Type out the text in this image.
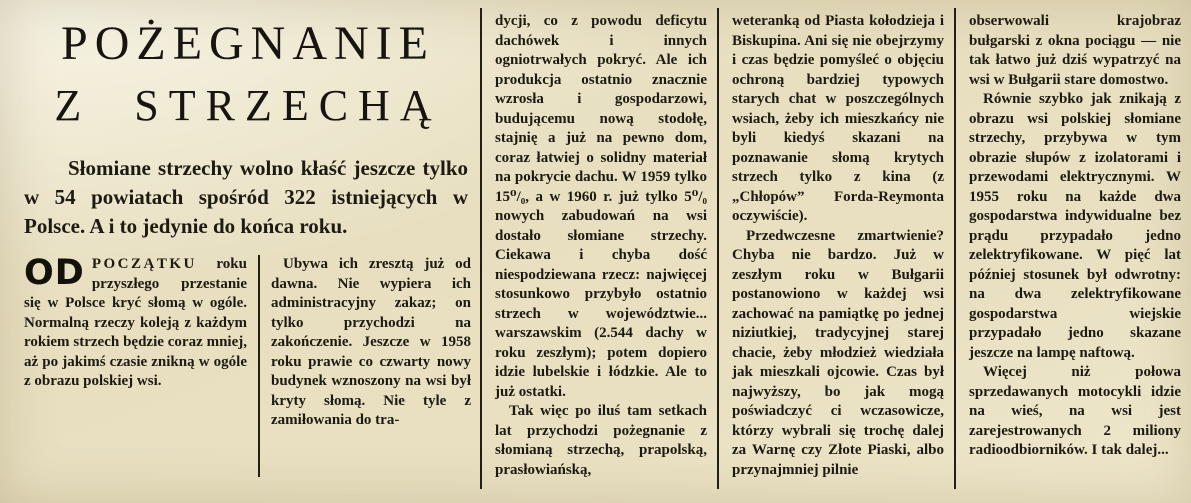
POŻEGNANIE
Z STRZECHĄ

Słomiane strzechy wolno kłaść jeszcze tylko w 54 powiatach spośród 322 istniejących w Polsce. A i to jedynie do końca roku.

OD POCZĄTKU roku przyszłego przestanie się w Polsce kryć słomą w ogóle. Normalną rzeczy koleją z każdym rokiem strzech będzie coraz mniej, aż po jakimś czasie znikną w ogóle z obrazu polskiej wsi.

Ubywa ich zresztą już od dawna. Nie wypiera ich administracyjny zakaz; on tylko przychodzi na zakończenie. Jeszcze w 1958 roku prawie co czwarty nowy budynek wznoszony na wsi był kryty słomą. Nie tyle z zamiłowania do tra-

dycji, co z powodu deficytu dachówek i innych ogniotrwałych pokryć. Ale ich produkcja ostatnio znacznie wzrosła i gospodarzowi, budującemu nową stodołę, stajnię a już na pewno dom, coraz łatwiej o solidny materiał na pokrycie dachu. W 1959 tylko 15⁰/₀, a w 1960 r. już tylko 5⁰/₀ nowych zabudowań na wsi dostało słomiane strzechy. Ciekawa i chyba dość niespodziewana rzecz: najwięcej stosunkowo przybyło ostatnio strzech w województwie... warszawskim (2.544 dachy w roku zeszłym); potem dopiero idzie lubelskie i łódzkie. Ale to już ostatki.

Tak więc po iluś tam setkach lat przychodzi pożegnanie z słomianą strzechą, prapolską, prasłowiańską,

weteranką od Piasta kołodzieja i Biskupina. Ani się nie obejrzymy i czas będzie pomyśleć o objęciu ochroną bardziej typowych starych chat w poszczególnych wsiach, żeby ich mieszkańcy nie byli kiedyś skazani na poznawanie słomą krytych strzech tylko z kina (z „Chłopów” Forda-Reymonta oczywiście).

Przedwczesne zmartwienie? Chyba nie bardzo. Już w zeszłym roku w Bułgarii postanowiono w każdej wsi zachować na pamiątkę po jednej niziutkiej, tradycyjnej starej chacie, żeby młodzież wiedziała jak mieszkali ojcowie. Czas był najwyższy, bo jak mogą poświadczyć ci wczasowicze, którzy wybrali się trochę dalej za Warnę czy Złote Piaski, albo przynajmniej pilnie

obserwowali krajobraz bułgarski z okna pociągu — nie tak łatwo już dziś wypatrzyć na wsi w Bułgarii stare domostwo.

Równie szybko jak znikają z obrazu wsi polskiej słomiane strzechy, przybywa w tym obrazie słupów z izolatorami i przewodami elektrycznymi. W 1955 roku na każde dwa gospodarstwa indywidualne bez prądu przypadało jedno zelektryfikowane. W pięć lat później stosunek był odwrotny: na dwa zelektryfikowane gospodarstwa wiejskie przypadało jedno skazane jeszcze na lampę naftową.

Więcej niż połowa sprzedawanych motocykli idzie na wieś, na wsi jest zarejestrowanych 2 miliony radioodbiorników. I tak dalej...
